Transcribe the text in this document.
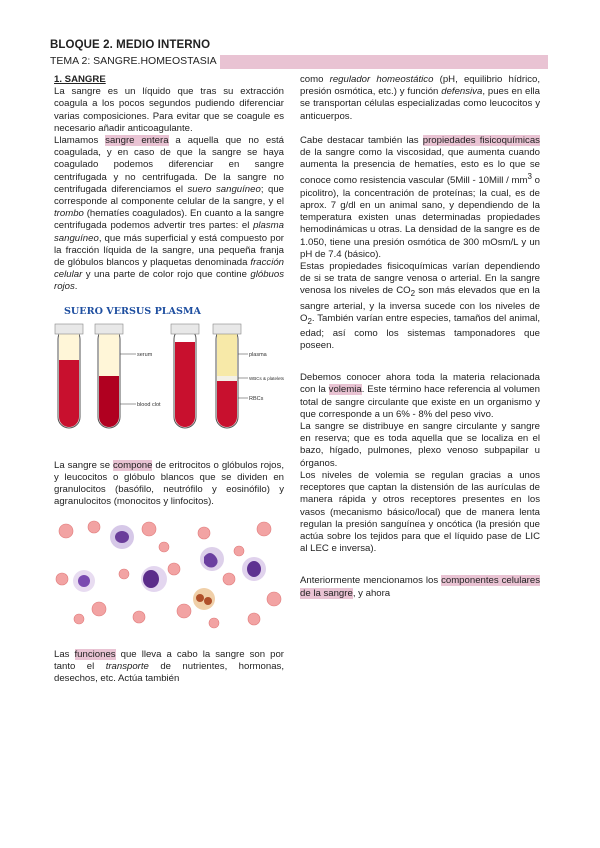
BLOQUE 2. MEDIO INTERNO
TEMA 2: SANGRE.HOMEOSTASIA
1. SANGRE

La sangre es un líquido que tras su extracción coagula a los pocos segundos pudiendo diferenciar varias composiciones. Para evitar que se coagule es necesario añadir anticoagulante.

Llamamos sangre entera a aquella que no está coagulada, y en caso de que la sangre se haya coagulado podemos diferenciar en sangre centrifugada y no centrifugada. De la sangre no centrifugada diferenciamos el suero sanguíneo; que corresponde al componente celular de la sangre, y el trombo (hematíes coagulados). En cuanto a la sangre centrifugada podemos advertir tres partes: el plasma sanguíneo, que más superficial y está compuesto por la fracción líquida de la sangre, una pequeña franja de glóbulos blancos y plaquetas denominada fracción celular y una parte de color rojo que contine glóbuos rojos.

SUERO VERSUS PLASMA
serum
blood clot
plasma
WBCs & platelets
RBCs

La sangre se compone de eritrocitos o glóbulos rojos, y leucocitos o glóbulo blancos que se dividen en granulocitos (basófilo, neutrófilo y eosinófilo) y agranulocitos (monocitos y linfocitos).

Las funciones que lleva a cabo la sangre son por tanto el transporte de nutrientes, hormonas, desechos, etc. Actúa también

como regulador homeostático (pH, equilibrio hídrico, presión osmótica, etc.) y función defensiva, pues en ella se transportan células especializadas como leucocitos y anticuerpos.

Cabe destacar también las propiedades fisicoquímicas de la sangre como la viscosidad, que aumenta cuando aumenta la presencia de hematíes, esto es lo que se conoce como resistencia vascular (5Mill - 10Mill / $mm^3$ o picolitro), la concentración de proteínas; la cual, es de aprox. 7 g/dl en un animal sano, y dependiendo de la temperatura existen unas determinadas propiedades hemodinámicas u otras. La densidad de la sangre es de 1.050, tiene una presión osmótica de 300 mOsm/L y un pH de 7.4 (básico).

Estas propiedades fisicoquímicas varían dependiendo de si se trata de sangre venosa o arterial. En la sangre venosa los niveles de $CO_2$ son más elevados que en la sangre arterial, y la inversa sucede con los niveles de $O_2$. También varían entre especies, tamaños del animal, edad; así como los sistemas tamponadores que poseen.

Debemos conocer ahora toda la materia relacionada con la volemia. Este término hace referencia al volumen total de sangre circulante que existe en un organismo y que corresponde a un 6% - 8% del peso vivo.

La sangre se distribuye en sangre circulante y sangre en reserva; que es toda aquella que se localiza en el bazo, hígado, pulmones, plexo venoso subpapilar u órganos.

Los niveles de volemia se regulan gracias a unos receptores que captan la distensión de las aurículas de manera rápida y otros receptores presentes en los vasos (mecanismo básico/local) que de manera lenta regulan la presión sanguínea y oncótica (la presión que actúa sobre los tejidos para que el líquido pase de LIC al LEC e inversa).

Anteriormente mencionamos los componentes celulares de la sangre, y ahora
